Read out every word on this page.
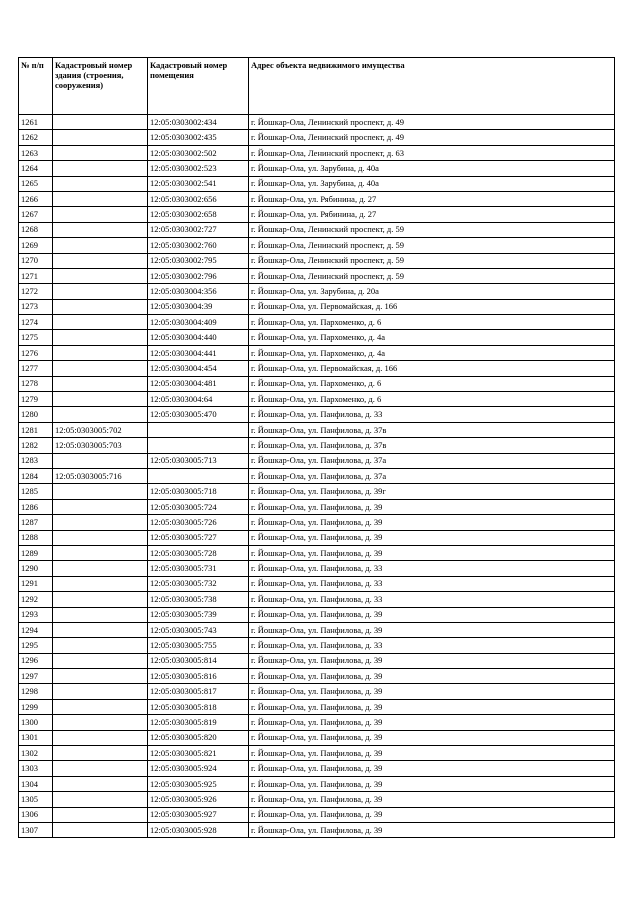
№ п/п	Кадастровый номер здания (строения, сооружения)	Кадастровый номер помещения	Адрес объекта недвижимого имущества
1261		12:05:0303002:434	г. Йошкар-Ола, Ленинский проспект, д. 49
1262		12:05:0303002:435	г. Йошкар-Ола, Ленинский проспект, д. 49
1263		12:05:0303002:502	г. Йошкар-Ола, Ленинский проспект, д. 63
1264		12:05:0303002:523	г. Йошкар-Ола, ул. Зарубина, д. 40а
1265		12:05:0303002:541	г. Йошкар-Ола, ул. Зарубина, д. 40а
1266		12:05:0303002:656	г. Йошкар-Ола, ул. Рябинина, д. 27
1267		12:05:0303002:658	г. Йошкар-Ола, ул. Рябинина, д. 27
1268		12:05:0303002:727	г. Йошкар-Ола, Ленинский проспект, д. 59
1269		12:05:0303002:760	г. Йошкар-Ола, Ленинский проспект, д. 59
1270		12:05:0303002:795	г. Йошкар-Ола, Ленинский проспект, д. 59
1271		12:05:0303002:796	г. Йошкар-Ола, Ленинский проспект, д. 59
1272		12:05:0303004:356	г. Йошкар-Ола, ул. Зарубина, д. 20а
1273		12:05:0303004:39	г. Йошкар-Ола, ул. Первомайская, д. 166
1274		12:05:0303004:409	г. Йошкар-Ола, ул. Пархоменко, д. 6
1275		12:05:0303004:440	г. Йошкар-Ола, ул. Пархоменко, д. 4а
1276		12:05:0303004:441	г. Йошкар-Ола, ул. Пархоменко, д. 4а
1277		12:05:0303004:454	г. Йошкар-Ола, ул. Первомайская, д. 166
1278		12:05:0303004:481	г. Йошкар-Ола, ул. Пархоменко, д. 6
1279		12:05:0303004:64	г. Йошкар-Ола, ул. Пархоменко, д. 6
1280		12:05:0303005:470	г. Йошкар-Ола, ул. Панфилова, д. 33
1281	12:05:0303005:702		г. Йошкар-Ола, ул. Панфилова, д. 37в
1282	12:05:0303005:703		г. Йошкар-Ола, ул. Панфилова, д. 37в
1283		12:05:0303005:713	г. Йошкар-Ола, ул. Панфилова, д. 37а
1284	12:05:0303005:716		г. Йошкар-Ола, ул. Панфилова, д. 37а
1285		12:05:0303005:718	г. Йошкар-Ола, ул. Панфилова, д. 39г
1286		12:05:0303005:724	г. Йошкар-Ола, ул. Панфилова, д. 39
1287		12:05:0303005:726	г. Йошкар-Ола, ул. Панфилова, д. 39
1288		12:05:0303005:727	г. Йошкар-Ола, ул. Панфилова, д. 39
1289		12:05:0303005:728	г. Йошкар-Ола, ул. Панфилова, д. 39
1290		12:05:0303005:731	г. Йошкар-Ола, ул. Панфилова, д. 33
1291		12:05:0303005:732	г. Йошкар-Ола, ул. Панфилова, д. 33
1292		12:05:0303005:738	г. Йошкар-Ола, ул. Панфилова, д. 33
1293		12:05:0303005:739	г. Йошкар-Ола, ул. Панфилова, д. 39
1294		12:05:0303005:743	г. Йошкар-Ола, ул. Панфилова, д. 39
1295		12:05:0303005:755	г. Йошкар-Ола, ул. Панфилова, д. 33
1296		12:05:0303005:814	г. Йошкар-Ола, ул. Панфилова, д. 39
1297		12:05:0303005:816	г. Йошкар-Ола, ул. Панфилова, д. 39
1298		12:05:0303005:817	г. Йошкар-Ола, ул. Панфилова, д. 39
1299		12:05:0303005:818	г. Йошкар-Ола, ул. Панфилова, д. 39
1300		12:05:0303005:819	г. Йошкар-Ола, ул. Панфилова, д. 39
1301		12:05:0303005:820	г. Йошкар-Ола, ул. Панфилова, д. 39
1302		12:05:0303005:821	г. Йошкар-Ола, ул. Панфилова, д. 39
1303		12:05:0303005:924	г. Йошкар-Ола, ул. Панфилова, д. 39
1304		12:05:0303005:925	г. Йошкар-Ола, ул. Панфилова, д. 39
1305		12:05:0303005:926	г. Йошкар-Ола, ул. Панфилова, д. 39
1306		12:05:0303005:927	г. Йошкар-Ола, ул. Панфилова, д. 39
1307		12:05:0303005:928	г. Йошкар-Ола, ул. Панфилова, д. 39
